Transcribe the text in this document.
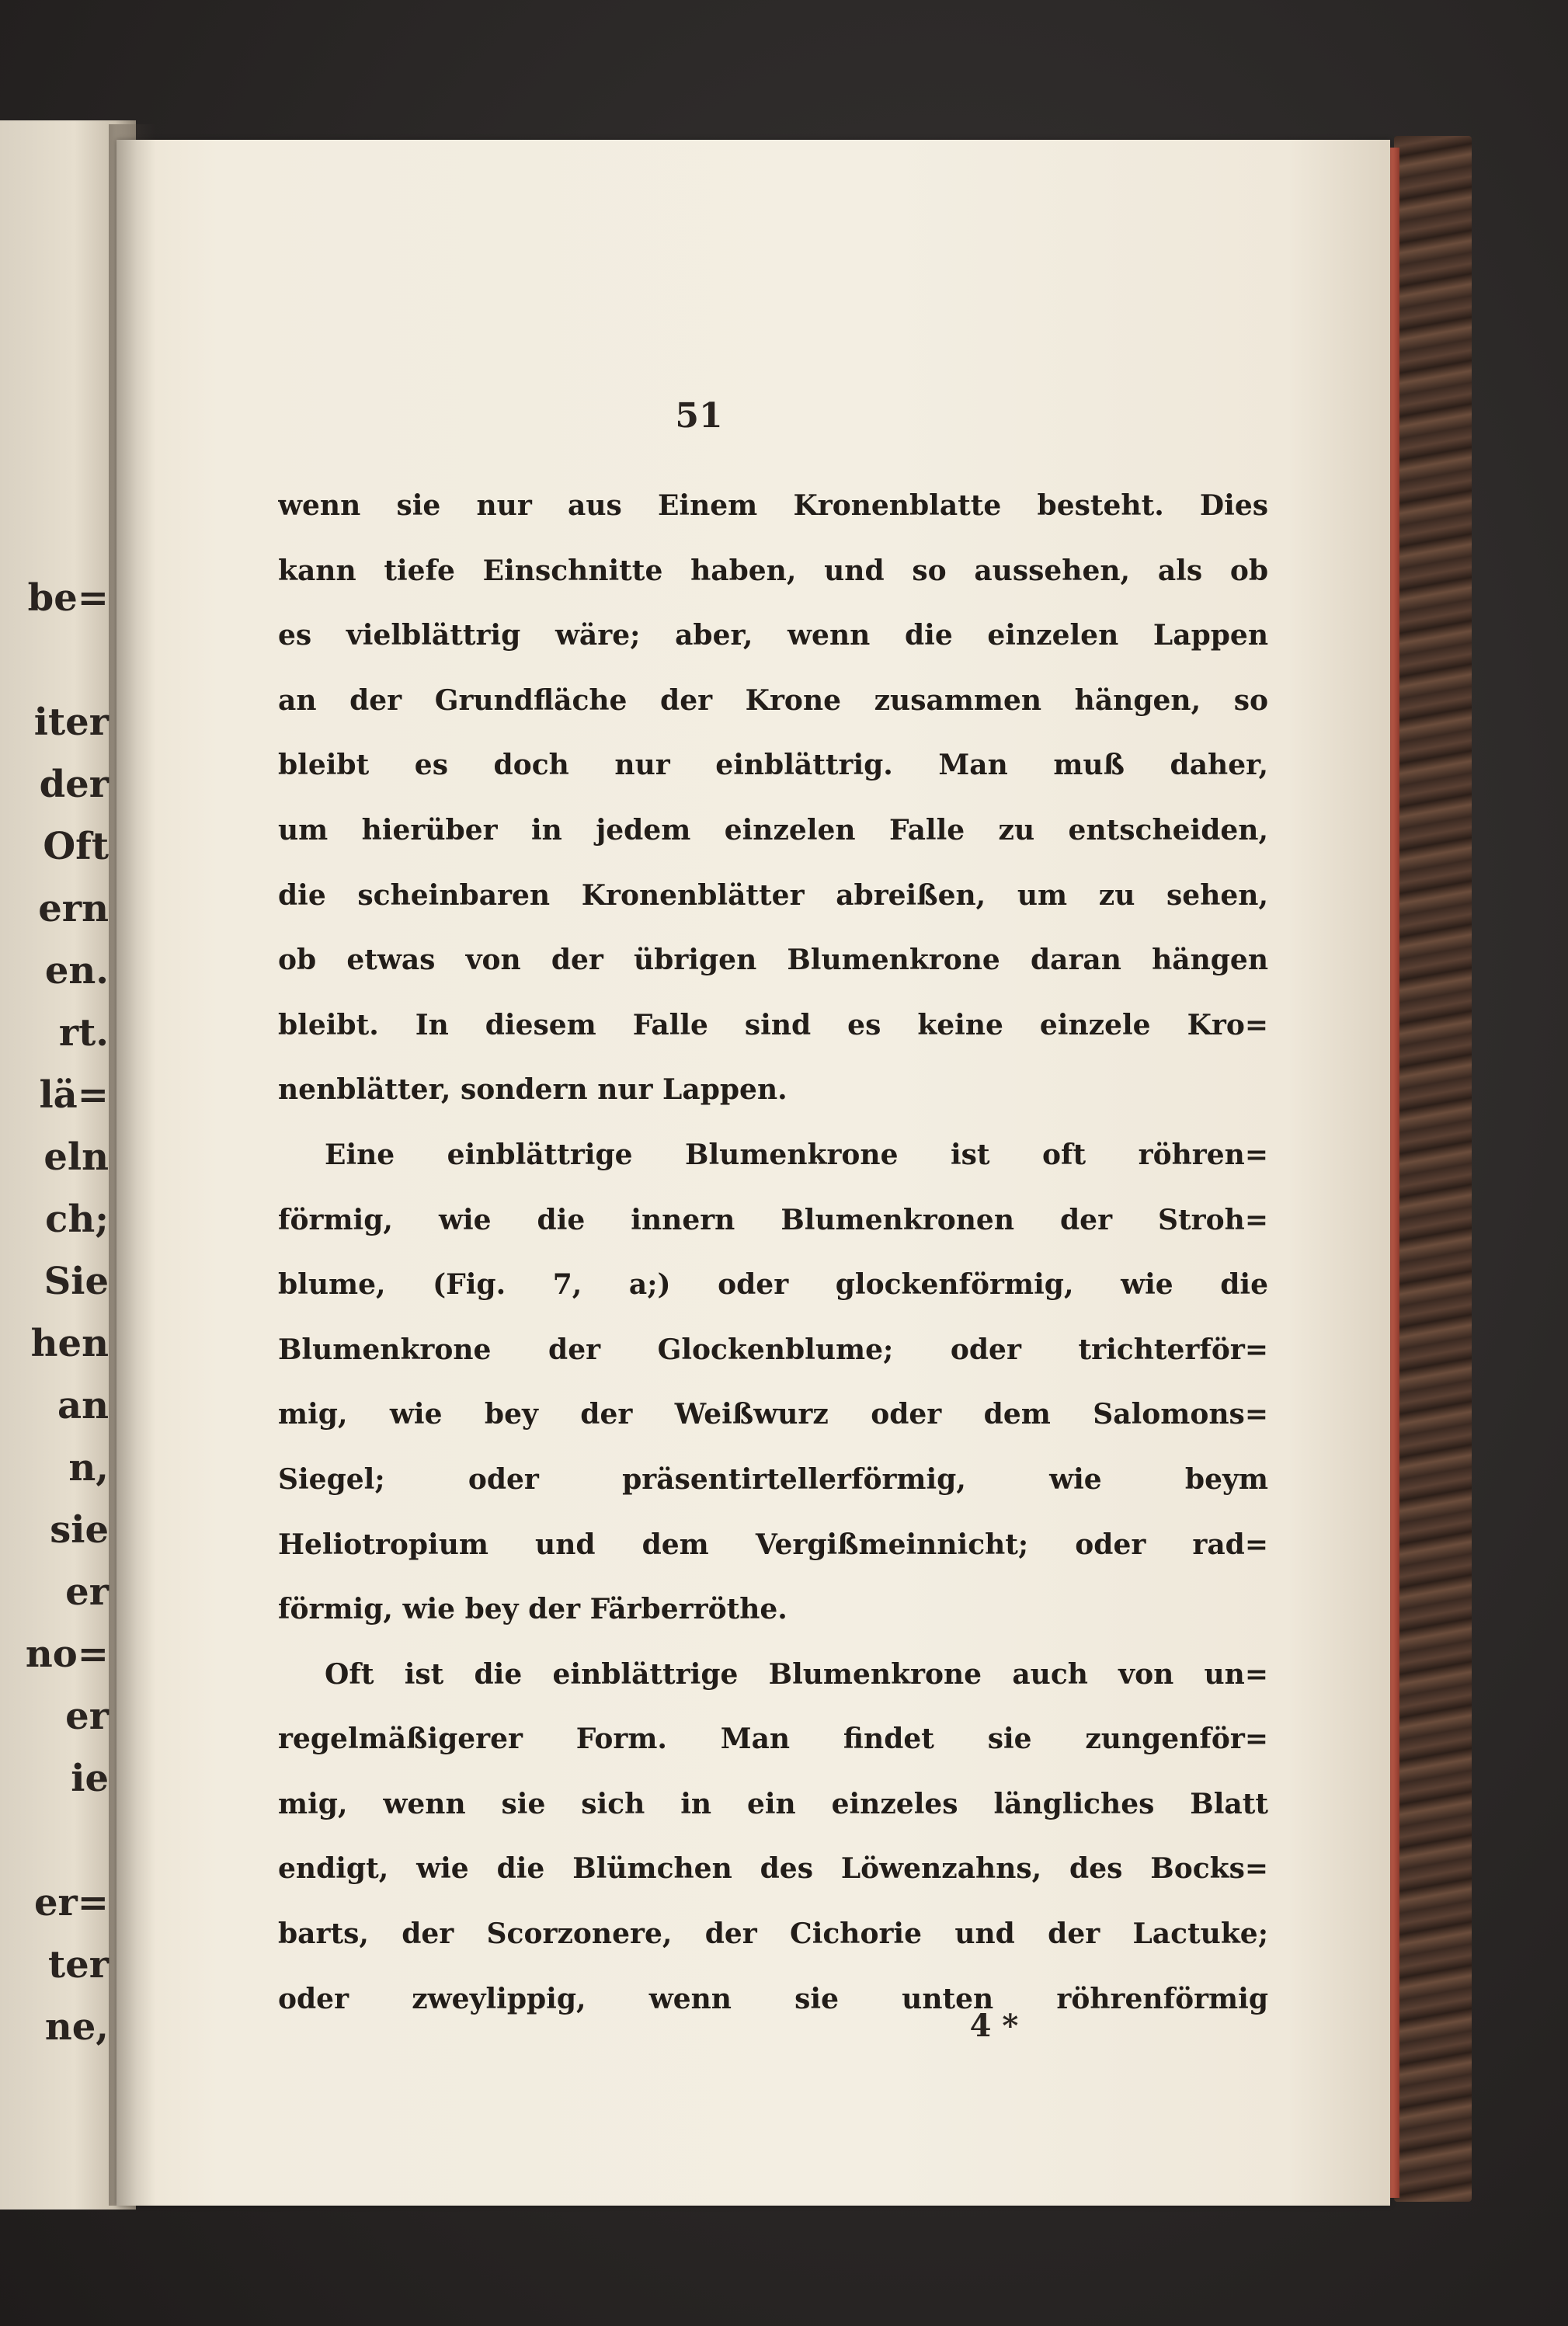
be=
iter
der
Oft
ern
en.
rt.
lä=
eln
ch;
Sie
hen
an
n,
sie
er
no=
er
ie
er=
ter
ne,
51
wenn sie nur aus Einem Kronenblatte besteht. Dies
kann tiefe Einschnitte haben, und so aussehen, als ob
es vielblättrig wäre; aber, wenn die einzelen Lappen
an der Grundfläche der Krone zusammen hängen, so
bleibt es doch nur einblättrig. Man muß daher,
um hierüber in jedem einzelen Falle zu entscheiden,
die scheinbaren Kronenblätter abreißen, um zu sehen,
ob etwas von der übrigen Blumenkrone daran hängen
bleibt. In diesem Falle sind es keine einzele Kro=
nenblätter, sondern nur Lappen.
Eine einblättrige Blumenkrone ist oft röhren=
förmig, wie die innern Blumenkronen der Stroh=
blume, (Fig. 7, a;) oder glockenförmig, wie die
Blumenkrone der Glockenblume; oder trichterför=
mig, wie bey der Weißwurz oder dem Salomons=
Siegel; oder präsentirtellerförmig, wie beym
Heliotropium und dem Vergißmeinnicht; oder rad=
förmig, wie bey der Färberröthe.
Oft ist die einblättrige Blumenkrone auch von un=
regelmäßigerer Form. Man findet sie zungenför=
mig, wenn sie sich in ein einzeles längliches Blatt
endigt, wie die Blümchen des Löwenzahns, des Bocks=
barts, der Scorzonere, der Cichorie und der Lactuke;
oder zweylippig, wenn sie unten röhrenförmig
4 *
